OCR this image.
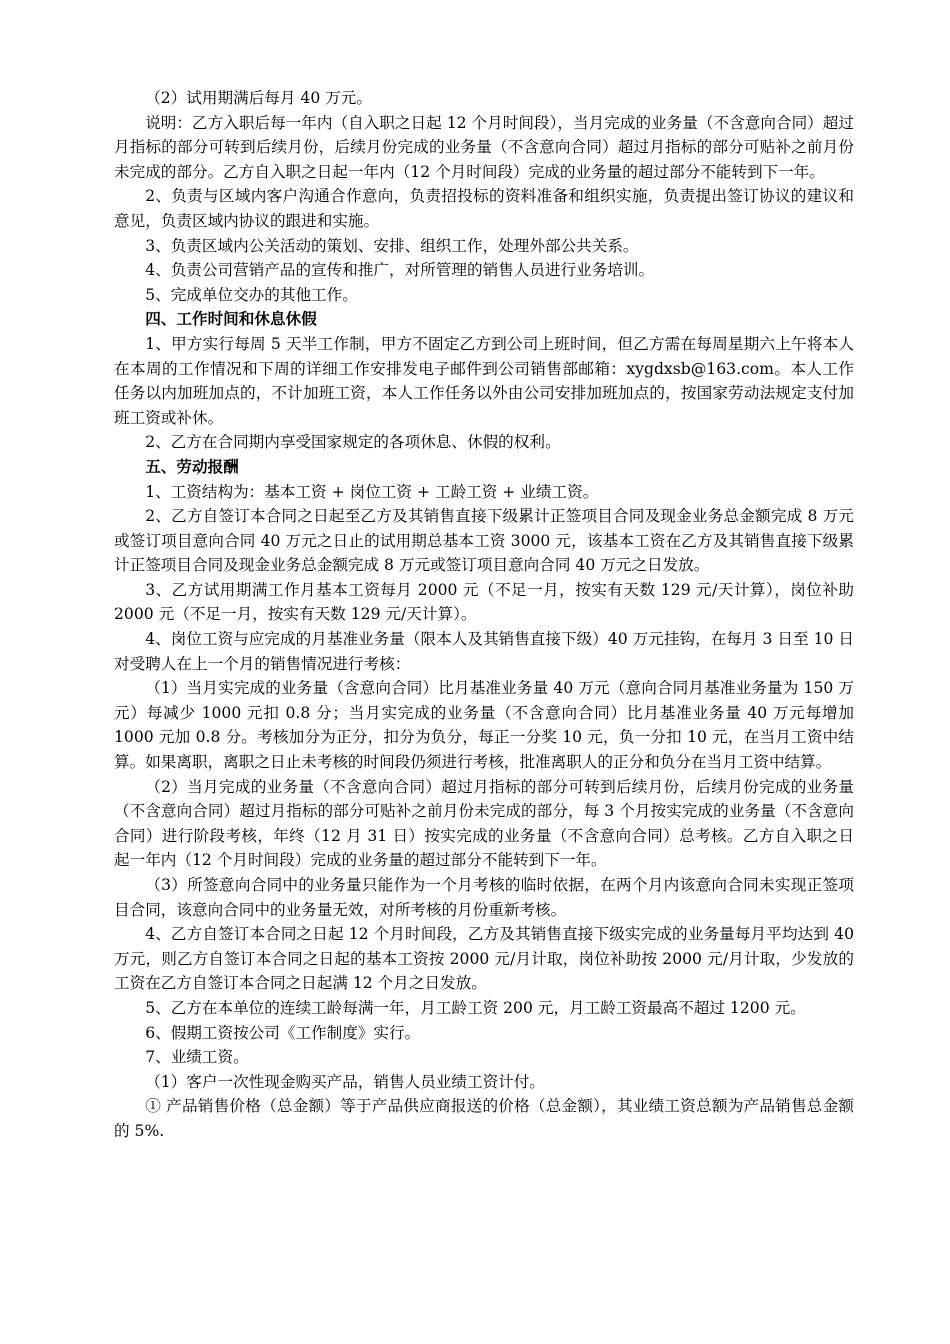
（2）试用期满后每月 40 万元。

说明：乙方入职后每一年内（自入职之日起 12 个月时间段），当月完成的业务量（不含意向合同）超过月指标的部分可转到后续月份，后续月份完成的业务量（不含意向合同）超过月指标的部分可贴补之前月份未完成的部分。乙方自入职之日起一年内（12 个月时间段）完成的业务量的超过部分不能转到下一年。

2、负责与区域内客户沟通合作意向，负责招投标的资料准备和组织实施，负责提出签订协议的建议和意见，负责区域内协议的跟进和实施。

3、负责区域内公关活动的策划、安排、组织工作，处理外部公共关系。

4、负责公司营销产品的宣传和推广，对所管理的销售人员进行业务培训。

5、完成单位交办的其他工作。

四、工作时间和休息休假

1、甲方实行每周 5 天半工作制，甲方不固定乙方到公司上班时间，但乙方需在每周星期六上午将本人在本周的工作情况和下周的详细工作安排发电子邮件到公司销售部邮箱：xygdxsb@163.com。本人工作任务以内加班加点的，不计加班工资，本人工作任务以外由公司安排加班加点的，按国家劳动法规定支付加班工资或补休。

2、乙方在合同期内享受国家规定的各项休息、休假的权利。

五、劳动报酬

1、工资结构为：基本工资 + 岗位工资 + 工龄工资 + 业绩工资。

2、乙方自签订本合同之日起至乙方及其销售直接下级累计正签项目合同及现金业务总金额完成 8 万元或签订项目意向合同 40 万元之日止的试用期总基本工资 3000 元，该基本工资在乙方及其销售直接下级累计正签项目合同及现金业务总金额完成 8 万元或签订项目意向合同 40 万元之日发放。

3、乙方试用期满工作月基本工资每月 2000 元（不足一月，按实有天数 129 元/天计算），岗位补助 2000 元（不足一月，按实有天数 129 元/天计算）。

4、岗位工资与应完成的月基准业务量（限本人及其销售直接下级）40 万元挂钩，在每月 3 日至 10 日对受聘人在上一个月的销售情况进行考核：

（1）当月实完成的业务量（含意向合同）比月基准业务量 40 万元（意向合同月基准业务量为 150 万元）每减少 1000 元扣 0.8 分；当月实完成的业务量（不含意向合同）比月基准业务量 40 万元每增加 1000 元加 0.8 分。考核加分为正分，扣分为负分，每正一分奖 10 元，负一分扣 10 元，在当月工资中结算。如果离职，离职之日止未考核的时间段仍须进行考核，批准离职人的正分和负分在当月工资中结算。

（2）当月完成的业务量（不含意向合同）超过月指标的部分可转到后续月份，后续月份完成的业务量（不含意向合同）超过月指标的部分可贴补之前月份未完成的部分，每 3 个月按实完成的业务量（不含意向合同）进行阶段考核，年终（12 月 31 日）按实完成的业务量（不含意向合同）总考核。乙方自入职之日起一年内（12 个月时间段）完成的业务量的超过部分不能转到下一年。

（3）所签意向合同中的业务量只能作为一个月考核的临时依据，在两个月内该意向合同未实现正签项目合同，该意向合同中的业务量无效，对所考核的月份重新考核。

4、乙方自签订本合同之日起 12 个月时间段，乙方及其销售直接下级实完成的业务量每月平均达到 40 万元，则乙方自签订本合同之日起的基本工资按 2000 元/月计取，岗位补助按 2000 元/月计取，少发放的工资在乙方自签订本合同之日起满 12 个月之日发放。

5、乙方在本单位的连续工龄每满一年，月工龄工资 200 元，月工龄工资最高不超过 1200 元。

6、假期工资按公司《工作制度》实行。

7、业绩工资。

（1）客户一次性现金购买产品，销售人员业绩工资计付。

① 产品销售价格（总金额）等于产品供应商报送的价格（总金额），其业绩工资总额为产品销售总金额的 5%.
